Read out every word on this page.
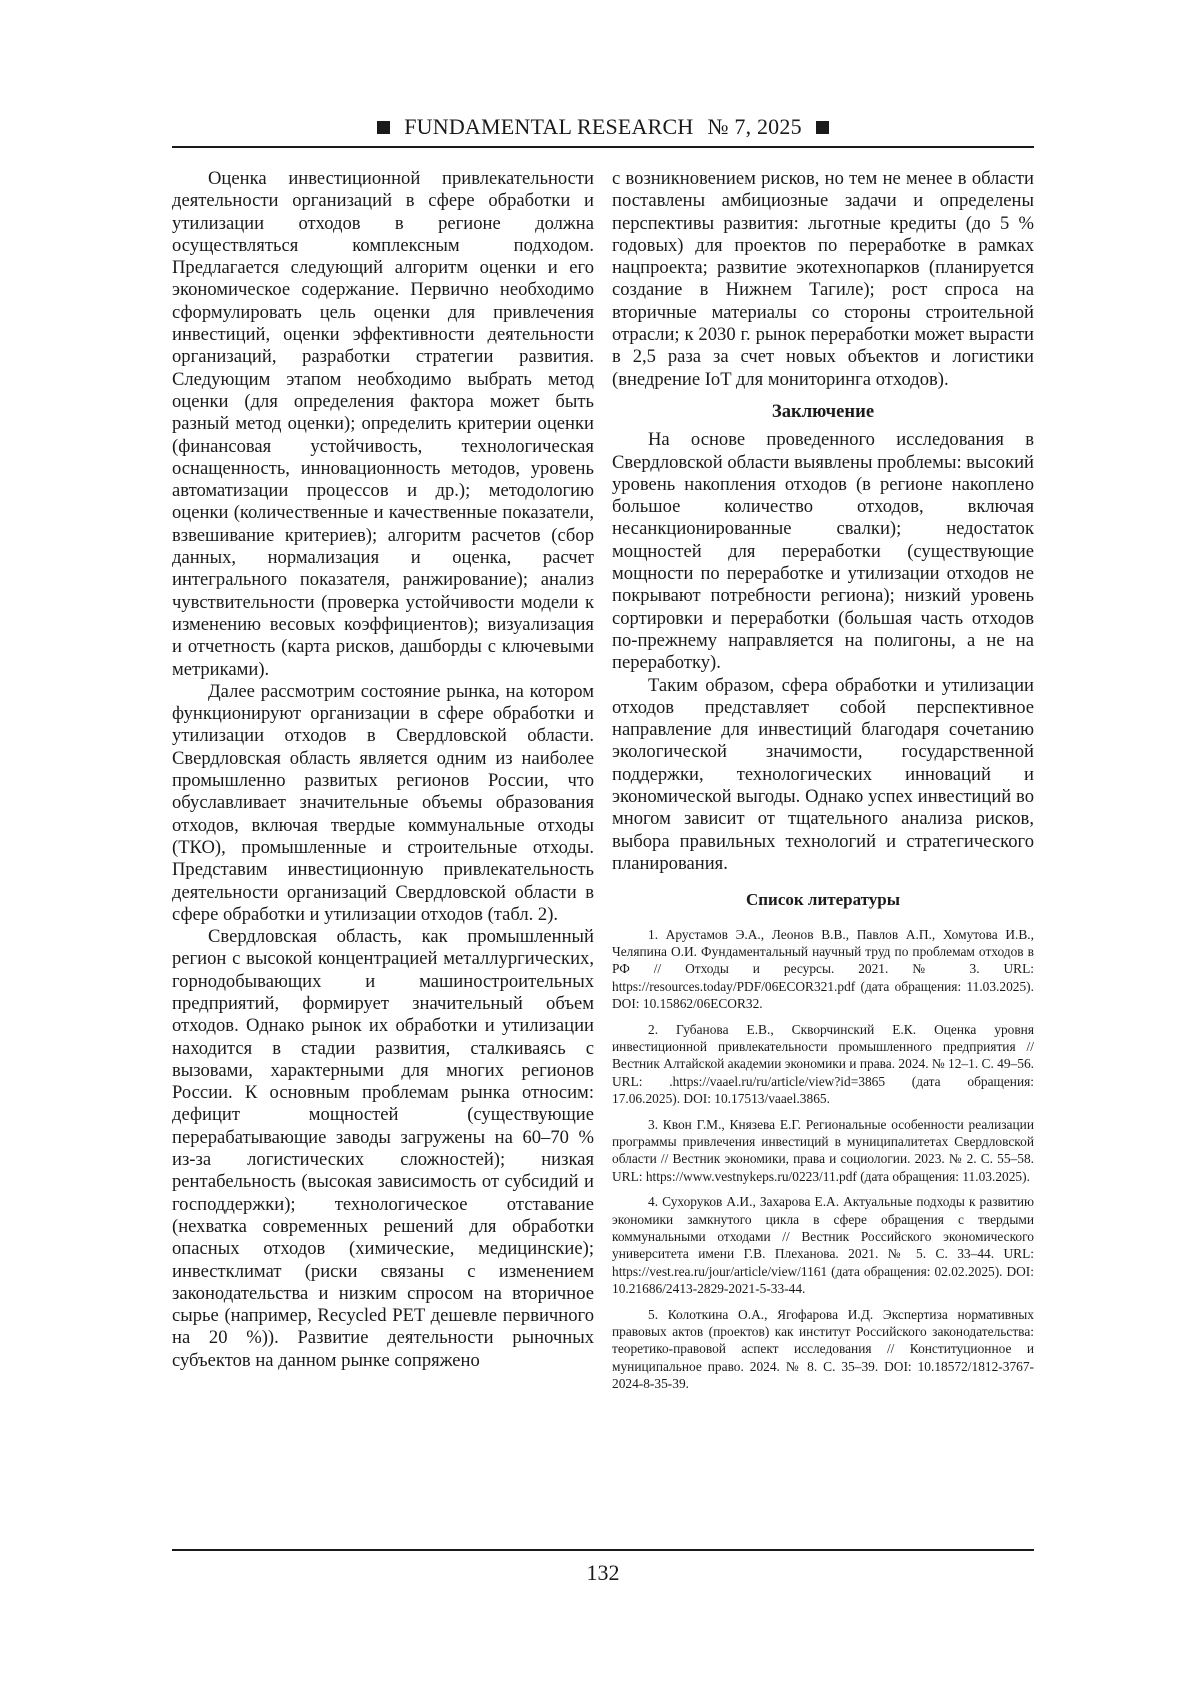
FUNDAMENTAL RESEARCH № 7, 2025

Оценка инвестиционной привлекательности деятельности организаций в сфере обработки и утилизации отходов в регионе должна осуществляться комплексным подходом. Предлагается следующий алгоритм оценки и его экономическое содержание. Первично необходимо сформулировать цель оценки для привлечения инвестиций, оценки эффективности деятельности организаций, разработки стратегии развития. Следующим этапом необходимо выбрать метод оценки (для определения фактора может быть разный метод оценки); определить критерии оценки (финансовая устойчивость, технологическая оснащенность, инновационность методов, уровень автоматизации процессов и др.); методологию оценки (количественные и качественные показатели, взвешивание критериев); алгоритм расчетов (сбор данных, нормализация и оценка, расчет интегрального показателя, ранжирование); анализ чувствительности (проверка устойчивости модели к изменению весовых коэффициентов); визуализация и отчетность (карта рисков, дашборды с ключевыми метриками).

Далее рассмотрим состояние рынка, на котором функционируют организации в сфере обработки и утилизации отходов в Свердловской области. Свердловская область является одним из наиболее промышленно развитых регионов России, что обуславливает значительные объемы образования отходов, включая твердые коммунальные отходы (ТКО), промышленные и строительные отходы. Представим инвестиционную привлекательность деятельности организаций Свердловской области в сфере обработки и утилизации отходов (табл. 2).

Свердловская область, как промышленный регион с высокой концентрацией металлургических, горнодобывающих и машиностроительных предприятий, формирует значительный объем отходов. Однако рынок их обработки и утилизации находится в стадии развития, сталкиваясь с вызовами, характерными для многих регионов России. К основным проблемам рынка относим: дефицит мощностей (существующие перерабатывающие заводы загружены на 60–70 % из-за логистических сложностей); низкая рентабельность (высокая зависимость от субсидий и господдержки); технологическое отставание (нехватка современных решений для обработки опасных отходов (химические, медицинские); инвестклимат (риски связаны с изменением законодательства и низким спросом на вторичное сырье (например, Recycled PET дешевле первичного на 20 %)). Развитие деятельности рыночных субъектов на данном рынке сопряжено

с возникновением рисков, но тем не менее в области поставлены амбициозные задачи и определены перспективы развития: льготные кредиты (до 5 % годовых) для проектов по переработке в рамках нацпроекта; развитие экотехнопарков (планируется создание в Нижнем Тагиле); рост спроса на вторичные материалы со стороны строительной отрасли; к 2030 г. рынок переработки может вырасти в 2,5 раза за счет новых объектов и логистики (внедрение IoT для мониторинга отходов).

Заключение

На основе проведенного исследования в Свердловской области выявлены проблемы: высокий уровень накопления отходов (в регионе накоплено большое количество отходов, включая несанкционированные свалки); недостаток мощностей для переработки (существующие мощности по переработке и утилизации отходов не покрывают потребности региона); низкий уровень сортировки и переработки (большая часть отходов по-прежнему направляется на полигоны, а не на переработку).

Таким образом, сфера обработки и утилизации отходов представляет собой перспективное направление для инвестиций благодаря сочетанию экологической значимости, государственной поддержки, технологических инноваций и экономической выгоды. Однако успех инвестиций во многом зависит от тщательного анализа рисков, выбора правильных технологий и стратегического планирования.

Список литературы

1. Арустамов Э.А., Леонов В.В., Павлов А.П., Хомутова И.В., Челяпина О.И. Фундаментальный научный труд по проблемам отходов в РФ // Отходы и ресурсы. 2021. № 3. URL: https://resources.today/PDF/06ECOR321.pdf (дата обращения: 11.03.2025). DOI: 10.15862/06ECOR32.

2. Губанова Е.В., Скворчинский Е.К. Оценка уровня инвестиционной привлекательности промышленного предприятия // Вестник Алтайской академии экономики и права. 2024. № 12–1. С. 49–56. URL: .https://vaael.ru/ru/article/view?id=3865 (дата обращения: 17.06.2025). DOI: 10.17513/vaael.3865.

3. Квон Г.М., Князева Е.Г. Региональные особенности реализации программы привлечения инвестиций в муниципалитетах Свердловской области // Вестник экономики, права и социологии. 2023. № 2. С. 55–58. URL: https://www.vestnykeps.ru/0223/11.pdf (дата обращения: 11.03.2025).

4. Сухоруков А.И., Захарова Е.А. Актуальные подходы к развитию экономики замкнутого цикла в сфере обращения с твердыми коммунальными отходами // Вестник Российского экономического университета имени Г.В. Плеханова. 2021. № 5. С. 33–44. URL: https://vest.rea.ru/jour/article/view/1161 (дата обращения: 02.02.2025). DOI: 10.21686/2413-2829-2021-5-33-44.

5. Колоткина О.А., Ягофарова И.Д. Экспертиза нормативных правовых актов (проектов) как институт Российского законодательства: теоретико-правовой аспект исследования // Конституционное и муниципальное право. 2024. № 8. С. 35–39. DOI: 10.18572/1812-3767-2024-8-35-39.

132
